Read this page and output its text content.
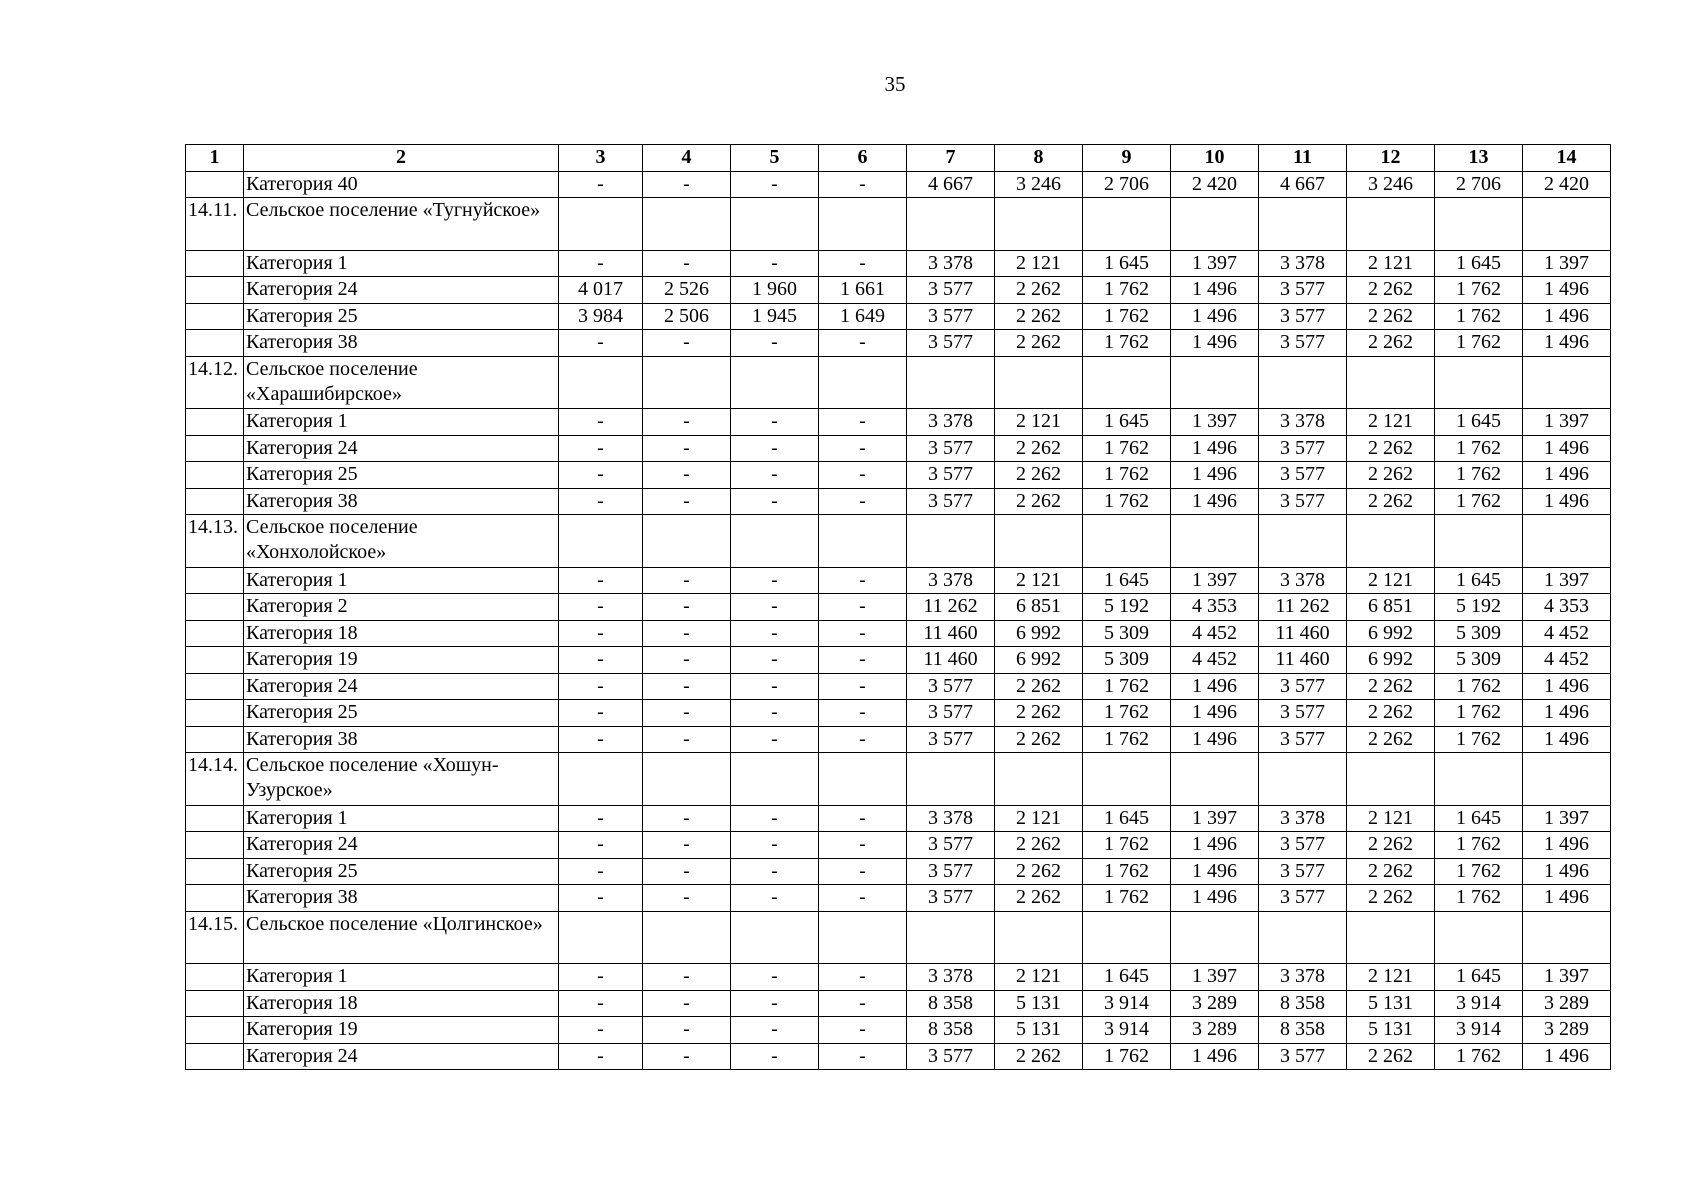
35
1	2	3	4	5	6	7	8	9	10	11	12	13	14
	Категория 40	-	-	-	-	4 667	3 246	2 706	2 420	4 667	3 246	2 706	2 420
14.11.	Сельское поселение «Тугнуйское»												
	Категория 1	-	-	-	-	3 378	2 121	1 645	1 397	3 378	2 121	1 645	1 397
	Категория 24	4 017	2 526	1 960	1 661	3 577	2 262	1 762	1 496	3 577	2 262	1 762	1 496
	Категория 25	3 984	2 506	1 945	1 649	3 577	2 262	1 762	1 496	3 577	2 262	1 762	1 496
	Категория 38	-	-	-	-	3 577	2 262	1 762	1 496	3 577	2 262	1 762	1 496
14.12.	Сельское поселение «Харашибирское»												
	Категория 1	-	-	-	-	3 378	2 121	1 645	1 397	3 378	2 121	1 645	1 397
	Категория 24	-	-	-	-	3 577	2 262	1 762	1 496	3 577	2 262	1 762	1 496
	Категория 25	-	-	-	-	3 577	2 262	1 762	1 496	3 577	2 262	1 762	1 496
	Категория 38	-	-	-	-	3 577	2 262	1 762	1 496	3 577	2 262	1 762	1 496
14.13.	Сельское поселение «Хонхолойское»												
	Категория 1	-	-	-	-	3 378	2 121	1 645	1 397	3 378	2 121	1 645	1 397
	Категория 2	-	-	-	-	11 262	6 851	5 192	4 353	11 262	6 851	5 192	4 353
	Категория 18	-	-	-	-	11 460	6 992	5 309	4 452	11 460	6 992	5 309	4 452
	Категория 19	-	-	-	-	11 460	6 992	5 309	4 452	11 460	6 992	5 309	4 452
	Категория 24	-	-	-	-	3 577	2 262	1 762	1 496	3 577	2 262	1 762	1 496
	Категория 25	-	-	-	-	3 577	2 262	1 762	1 496	3 577	2 262	1 762	1 496
	Категория 38	-	-	-	-	3 577	2 262	1 762	1 496	3 577	2 262	1 762	1 496
14.14.	Сельское поселение «Хошун-Узурское»												
	Категория 1	-	-	-	-	3 378	2 121	1 645	1 397	3 378	2 121	1 645	1 397
	Категория 24	-	-	-	-	3 577	2 262	1 762	1 496	3 577	2 262	1 762	1 496
	Категория 25	-	-	-	-	3 577	2 262	1 762	1 496	3 577	2 262	1 762	1 496
	Категория 38	-	-	-	-	3 577	2 262	1 762	1 496	3 577	2 262	1 762	1 496
14.15.	Сельское поселение «Цолгинское»												
	Категория 1	-	-	-	-	3 378	2 121	1 645	1 397	3 378	2 121	1 645	1 397
	Категория 18	-	-	-	-	8 358	5 131	3 914	3 289	8 358	5 131	3 914	3 289
	Категория 19	-	-	-	-	8 358	5 131	3 914	3 289	8 358	5 131	3 914	3 289
	Категория 24	-	-	-	-	3 577	2 262	1 762	1 496	3 577	2 262	1 762	1 496
